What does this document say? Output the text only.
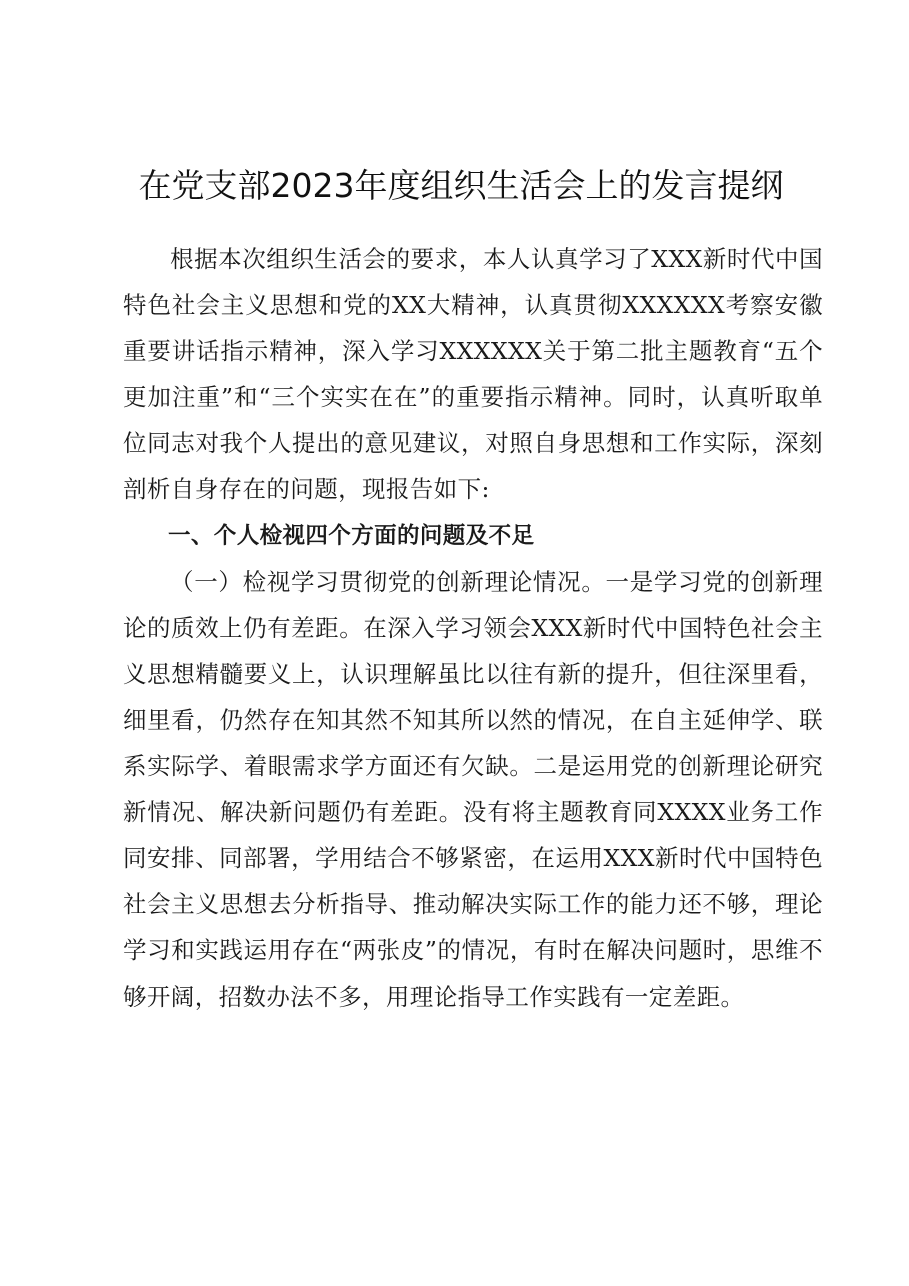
在党支部2023年度组织生活会上的发言提纲

根据本次组织生活会的要求，本人认真学习了XXX新时代中国特色社会主义思想和党的XX大精神，认真贯彻XXXXXX考察安徽重要讲话指示精神，深入学习XXXXXX关于第二批主题教育“五个更加注重”和“三个实实在在”的重要指示精神。同时，认真听取单位同志对我个人提出的意见建议，对照自身思想和工作实际，深刻剖析自身存在的问题，现报告如下:

一、个人检视四个方面的问题及不足

（一）检视学习贯彻党的创新理论情况。一是学习党的创新理论的质效上仍有差距。在深入学习领会XXX新时代中国特色社会主义思想精髓要义上，认识理解虽比以往有新的提升，但往深里看，细里看，仍然存在知其然不知其所以然的情况，在自主延伸学、联系实际学、着眼需求学方面还有欠缺。二是运用党的创新理论研究新情况、解决新问题仍有差距。没有将主题教育同XXXX业务工作同安排、同部署，学用结合不够紧密，在运用XXX新时代中国特色社会主义思想去分析指导、推动解决实际工作的能力还不够，理论学习和实践运用存在“两张皮”的情况，有时在解决问题时，思维不够开阔，招数办法不多，用理论指导工作实践有一定差距。
